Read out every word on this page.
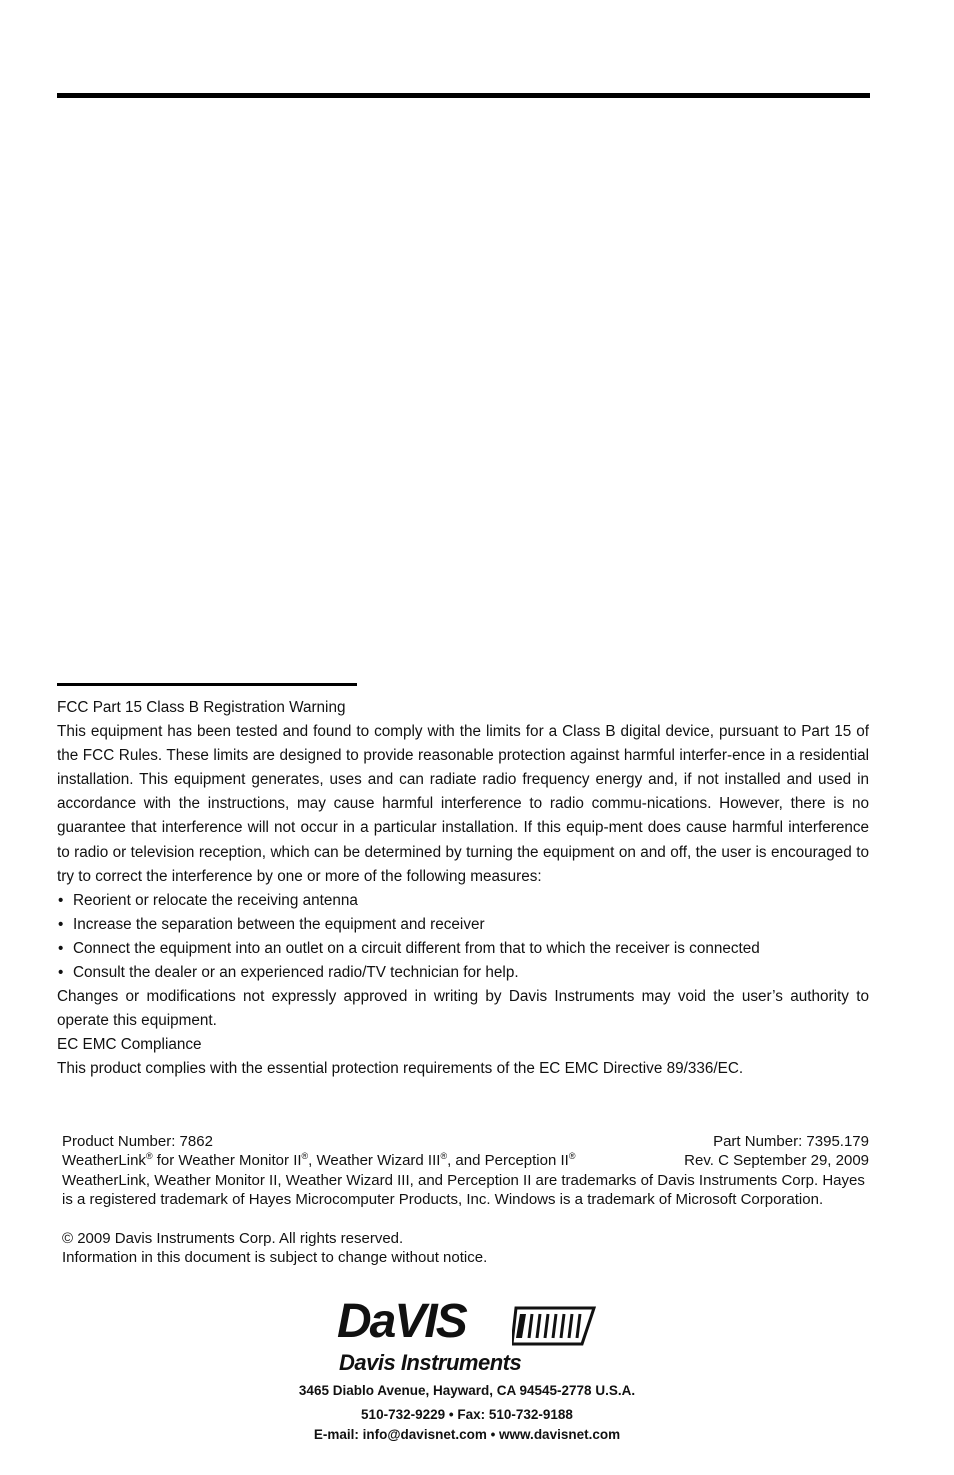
FCC Part 15 Class B Registration Warning

This equipment has been tested and found to comply with the limits for a Class B digital device, pursuant to Part 15 of the FCC Rules. These limits are designed to provide reasonable protection against harmful interfer-ence in a residential installation. This equipment generates, uses and can radiate radio frequency energy and, if not installed and used in accordance with the instructions, may cause harmful interference to radio commu-nications. However, there is no guarantee that interference will not occur in a particular installation. If this equip-ment does cause harmful interference to radio or television reception, which can be determined by turning the equipment on and off, the user is encouraged to try to correct the interference by one or more of the following measures:

• Reorient or relocate the receiving antenna
• Increase the separation between the equipment and receiver
• Connect the equipment into an outlet on a circuit different from that to which the receiver is connected
• Consult the dealer or an experienced radio/TV technician for help.

Changes or modifications not expressly approved in writing by Davis Instruments may void the user’s authority to operate this equipment.

EC EMC Compliance

This product complies with the essential protection requirements of the EC EMC Directive 89/336/EC.

Product Number: 7862	Part Number: 7395.179
WeatherLink® for Weather Monitor II®, Weather Wizard III®, and Perception II®	Rev. C September 29, 2009
WeatherLink, Weather Monitor II, Weather Wizard III, and Perception II are trademarks of Davis Instruments Corp. Hayes is a registered trademark of Hayes Microcomputer Products, Inc. Windows is a trademark of Microsoft Corporation.
© 2009 Davis Instruments Corp. All rights reserved.
Information in this document is subject to change without notice.
DaVIS
Davis Instruments
3465 Diablo Avenue, Hayward, CA 94545-2778 U.S.A.
510-732-9229 • Fax: 510-732-9188
E-mail: info@davisnet.com • www.davisnet.com
